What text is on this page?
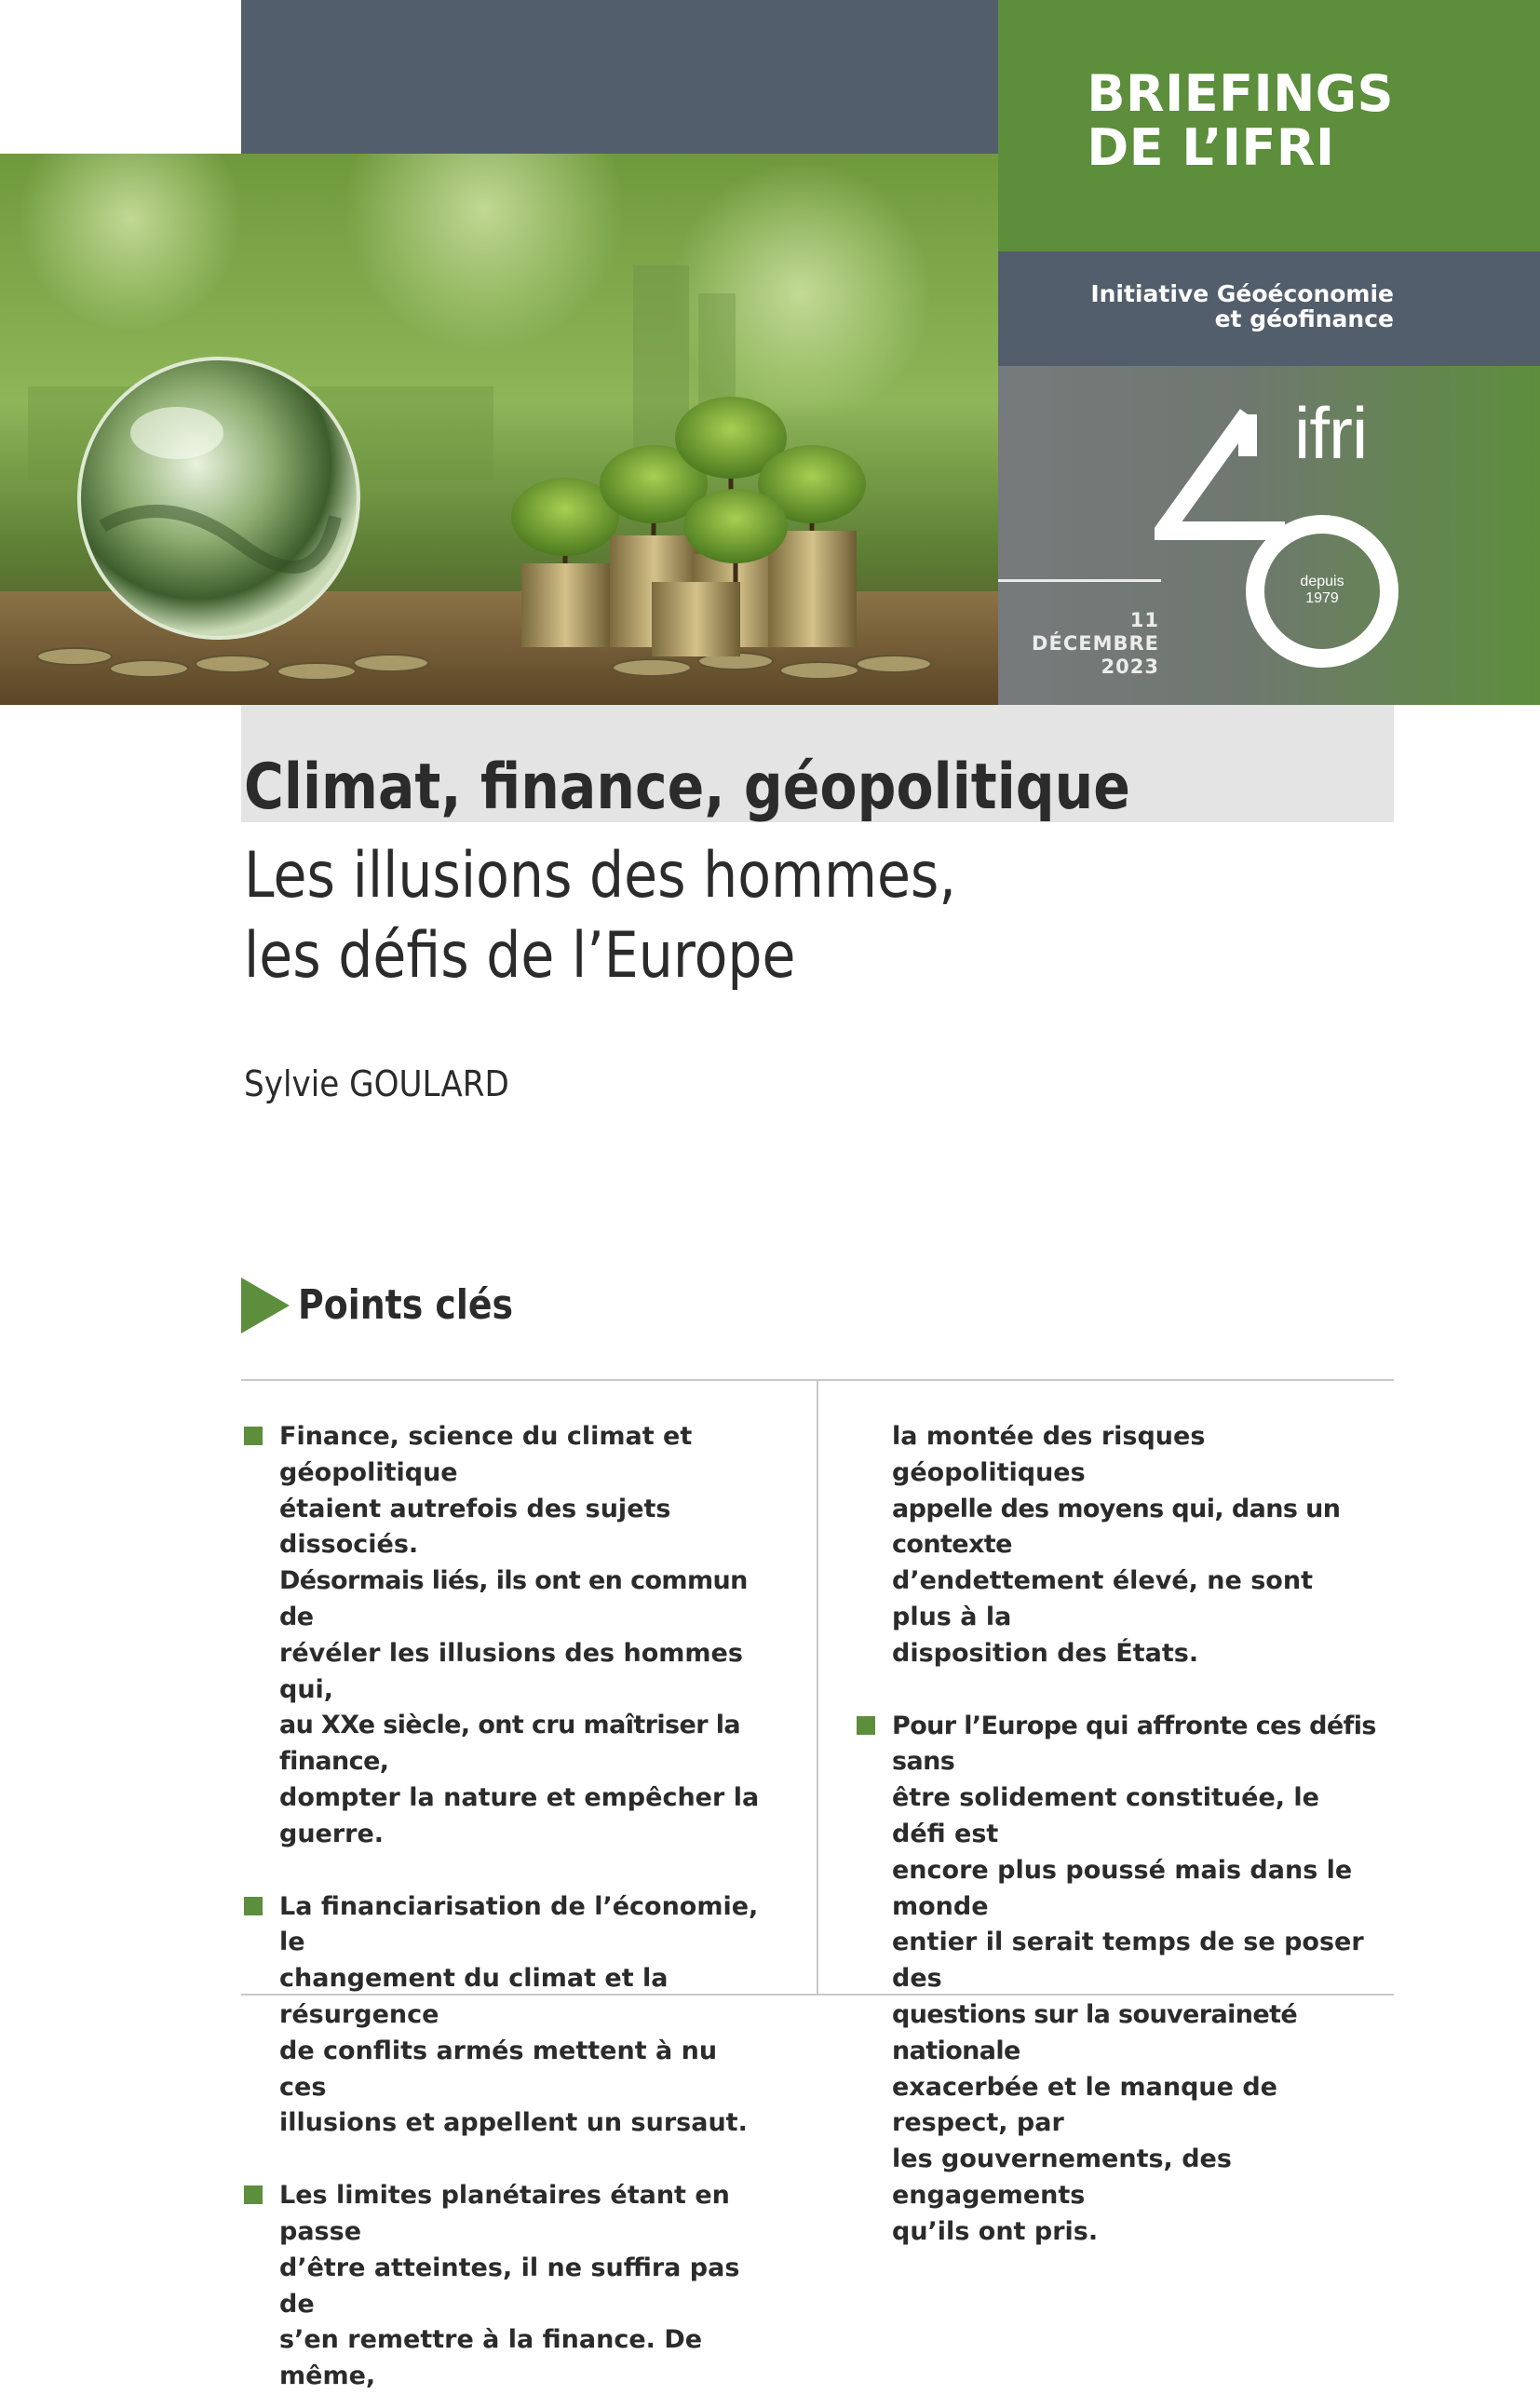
BRIEFINGS
DE L’IFRI
Initiative Géoéconomie
et géofinance
11
DÉCEMBRE
2023
ifri
depuis
1979
Climat, finance, géopolitique
Les illusions des hommes,
les défis de l’Europe
Sylvie GOULARD
Points clés
Finance, science du climat et géopolitique
étaient autrefois des sujets dissociés.
Désormais liés, ils ont en commun de
révéler les illusions des hommes qui,
au XXe siècle, ont cru maîtriser la finance,
dompter la nature et empêcher la guerre.
La financiarisation de l’économie, le
changement du climat et la résurgence
de conflits armés mettent à nu ces
illusions et appellent un sursaut.
Les limites planétaires étant en passe
d’être atteintes, il ne suffira pas de
s’en remettre à la finance. De même,
la montée des risques géopolitiques
appelle des moyens qui, dans un contexte
d’endettement élevé, ne sont plus à la
disposition des États.
Pour l’Europe qui affronte ces défis sans
être solidement constituée, le défi est
encore plus poussé mais dans le monde
entier il serait temps de se poser des
questions sur la souveraineté nationale
exacerbée et le manque de respect, par
les gouvernements, des engagements
qu’ils ont pris.
